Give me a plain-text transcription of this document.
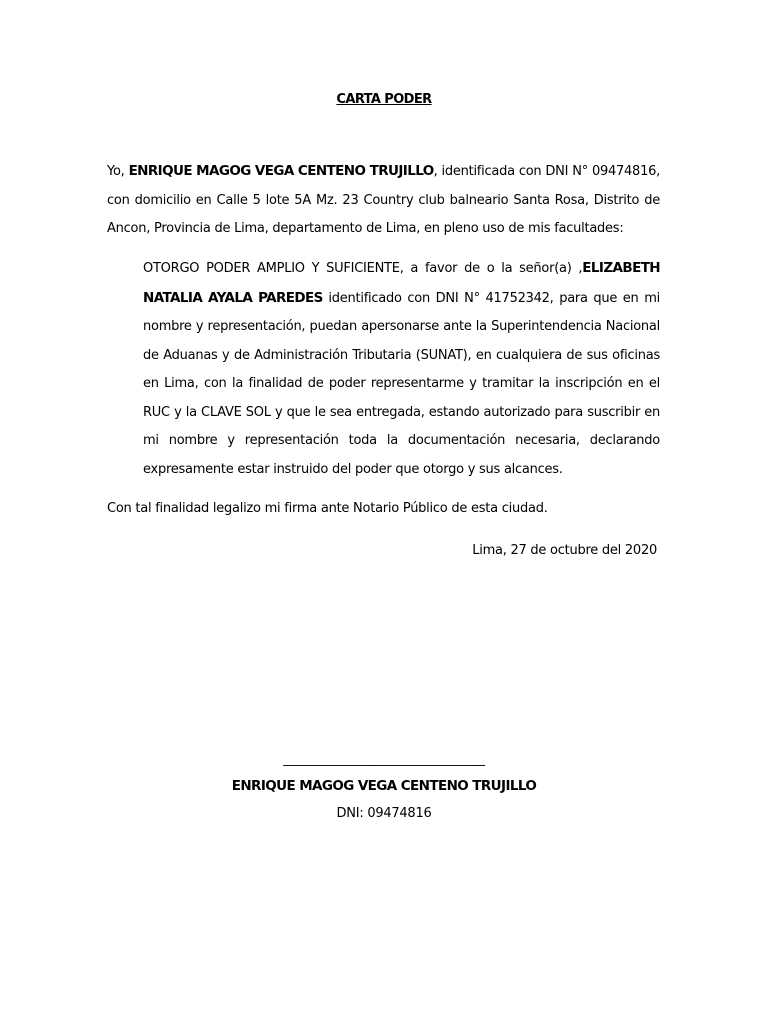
CARTA PODER
Yo, ENRIQUE MAGOG VEGA CENTENO TRUJILLO, identificada con DNI N° 09474816, con domicilio en Calle 5 lote 5A Mz. 23 Country club balneario Santa Rosa, Distrito de Ancon, Provincia de Lima, departamento de Lima, en pleno uso de mis facultades:
OTORGO PODER AMPLIO Y SUFICIENTE, a favor de o la señor(a) ,ELIZABETH NATALIA AYALA PAREDES identificado con DNI N° 41752342, para que en mi nombre y representación, puedan apersonarse ante la Superintendencia Nacional de Aduanas y de Administración Tributaria (SUNAT), en cualquiera de sus oficinas en Lima, con la finalidad de poder representarme y tramitar la inscripción en el RUC y la CLAVE SOL y que le sea entregada, estando autorizado para suscribir en mi nombre y representación toda la documentación necesaria, declarando expresamente estar instruido del poder que otorgo y sus alcances.
Con tal finalidad legalizo mi firma ante Notario Público de esta ciudad.
Lima, 27 de octubre del 2020
_________________________________
ENRIQUE MAGOG VEGA CENTENO TRUJILLO
DNI: 09474816
